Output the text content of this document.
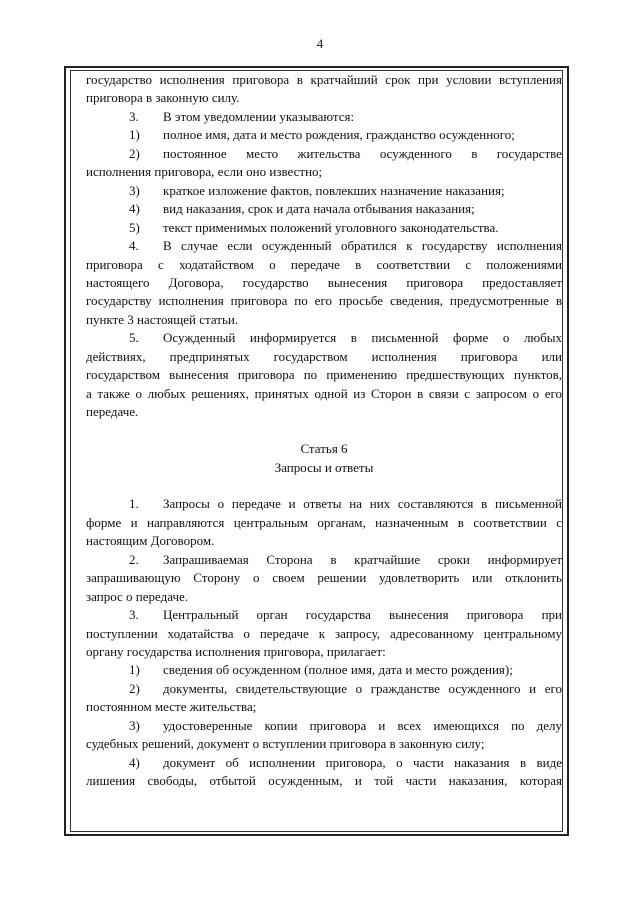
4

государство исполнения приговора в кратчайший срок при условии вступления

приговора в законную силу.

3. В этом уведомлении указываются:

1) полное имя, дата и место рождения, гражданство осужденного;

2) постоянное место жительства осужденного в государстве

исполнения приговора, если оно известно;

3) краткое изложение фактов, повлекших назначение наказания;

4) вид наказания, срок и дата начала отбывания наказания;

5) текст применимых положений уголовного законодательства.

4. В случае если осужденный обратился к государству исполнения

приговора с ходатайством о передаче в соответствии с положениями

настоящего Договора, государство вынесения приговора предоставляет

государству исполнения приговора по его просьбе сведения, предусмотренные в

пункте 3 настоящей статьи.

5. Осужденный информируется в письменной форме о любых

действиях, предпринятых государством исполнения приговора или

государством вынесения приговора по применению предшествующих пунктов,

а также о любых решениях, принятых одной из Сторон в связи с запросом о его

передаче.

Статья 6

Запросы и ответы

1. Запросы о передаче и ответы на них составляются в письменной

форме и направляются центральным органам, назначенным в соответствии с

настоящим Договором.

2. Запрашиваемая Сторона в кратчайшие сроки информирует

запрашивающую Сторону о своем решении удовлетворить или отклонить

запрос о передаче.

3. Центральный орган государства вынесения приговора при

поступлении ходатайства о передаче к запросу, адресованному центральному

органу государства исполнения приговора, прилагает:

1) сведения об осужденном (полное имя, дата и место рождения);

2) документы, свидетельствующие о гражданстве осужденного и его

постоянном месте жительства;

3) удостоверенные копии приговора и всех имеющихся по делу

судебных решений, документ о вступлении приговора в законную силу;

4) документ об исполнении приговора, о части наказания в виде

лишения свободы, отбытой осужденным, и той части наказания, которая
